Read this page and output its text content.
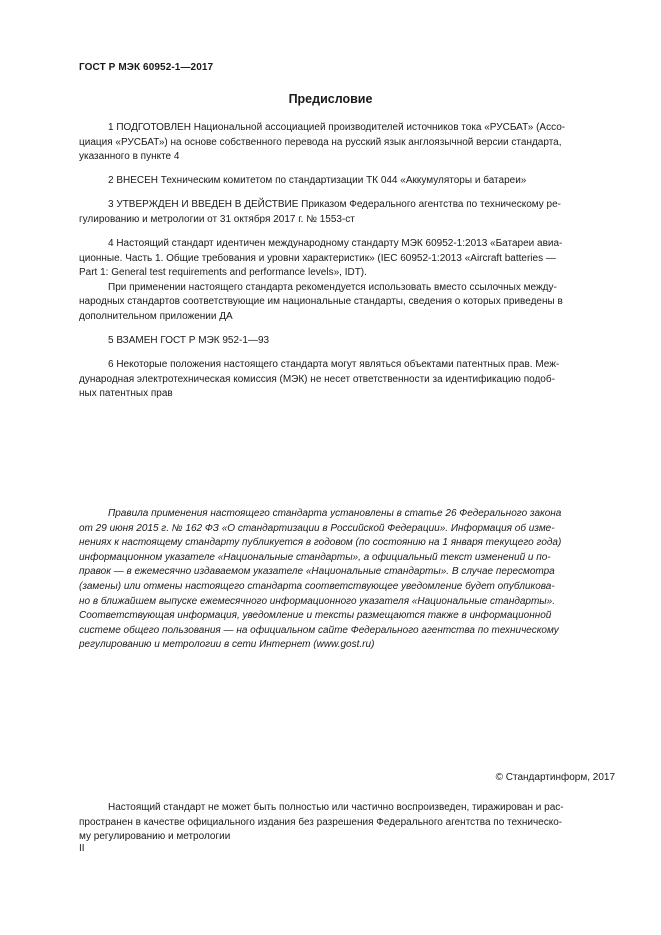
ГОСТ Р МЭК 60952-1—2017
Предисловие

1 ПОДГОТОВЛЕН Национальной ассоциацией производителей источников тока «РУСБАТ» (Ассо-
циация «РУСБАТ») на основе собственного перевода на русский язык англоязычной версии стандарта,
указанного в пункте 4

2 ВНЕСЕН Техническим комитетом по стандартизации ТК 044 «Аккумуляторы и батареи»

3 УТВЕРЖДЕН И ВВЕДЕН В ДЕЙСТВИЕ Приказом Федерального агентства по техническому ре-
гулированию и метрологии от 31 октября 2017 г. № 1553-ст

4 Настоящий стандарт идентичен международному стандарту МЭК 60952-1:2013 «Батареи авиа-
ционные. Часть 1. Общие требования и уровни характеристик» (IEC 60952-1:2013 «Aircraft batteries —
Part 1: General test requirements and performance levels», IDT).

При применении настоящего стандарта рекомендуется использовать вместо ссылочных между-
народных стандартов соответствующие им национальные стандарты, сведения о которых приведены в
дополнительном приложении ДА

5 ВЗАМЕН ГОСТ Р МЭК 952-1—93

6 Некоторые положения настоящего стандарта могут являться объектами патентных прав. Меж-
дународная электротехническая комиссия (МЭК) не несет ответственности за идентификацию подоб-
ных патентных прав

Правила применения настоящего стандарта установлены в статье 26 Федерального закона
от 29 июня 2015 г. № 162 ФЗ «О стандартизации в Российской Федерации». Информация об изме-
нениях к настоящему стандарту публикуется в годовом (по состоянию на 1 января текущего года)
информационном указателе «Национальные стандарты», а официальный текст изменений и по-
правок — в ежемесячно издаваемом указателе «Национальные стандарты». В случае пересмотра
(замены) или отмены настоящего стандарта соответствующее уведомление будет опубликова-
но в ближайшем выпуске ежемесячного информационного указателя «Национальные стандарты».
Соответствующая информация, уведомление и тексты размещаются также в информационной
системе общего пользования — на официальном сайте Федерального агентства по техническому
регулированию и метрологии в сети Интернет (www.gost.ru)

© Стандартинформ, 2017

Настоящий стандарт не может быть полностью или частично воспроизведен, тиражирован и рас-
пространен в качестве официального издания без разрешения Федерального агентства по техническо-
му регулированию и метрологии

II
